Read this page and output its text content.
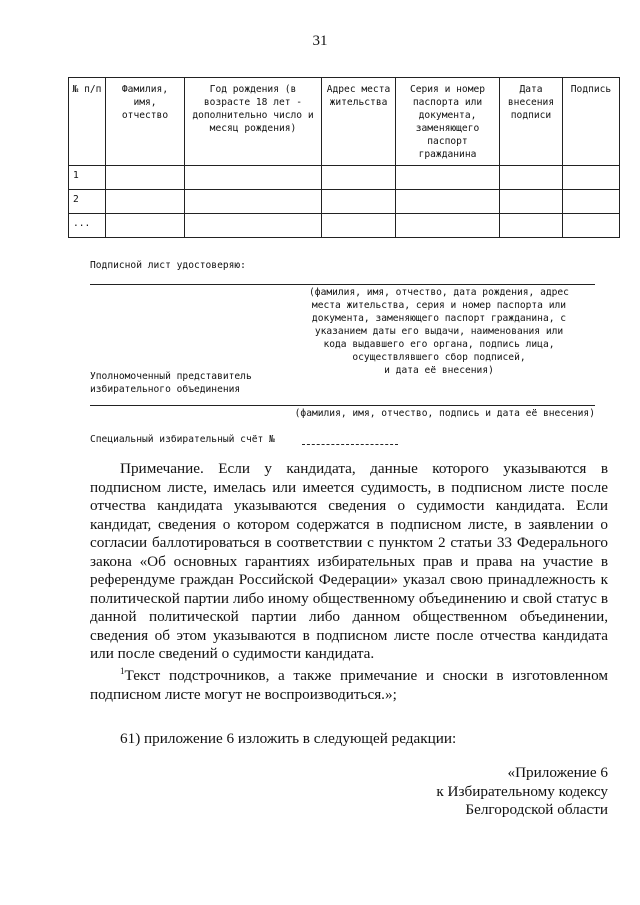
31
№ п/п	Фамилия, имя, отчество	Год рождения (в возрасте 18 лет - дополнительно число и месяц рождения)	Адрес места жительства	Серия и номер паспорта или документа, заменяющего паспорт гражданина	Дата внесения подписи	Подпись
1						
2						
...						
Подписной лист удостоверяю:
(фамилия, имя, отчество, дата рождения, адрес
места жительства, серия и номер паспорта или
документа, заменяющего паспорт гражданина, с
указанием даты его выдачи, наименования или
кода выдавшего его органа, подпись лица,
осуществлявшего сбор подписей,
и дата её внесения)
Уполномоченный представитель
избирательного объединения
(фамилия, имя, отчество, подпись и дата её внесения)
Специальный избирательный счёт №
Примечание. Если у кандидата, данные которого указываются в подписном листе, имелась или имеется судимость, в подписном листе после отчества кандидата указываются сведения о судимости кандидата. Если кандидат, сведения о котором содержатся в подписном листе, в заявлении о согласии баллотироваться в соответствии с пунктом 2 статьи 33 Федерального закона «Об основных гарантиях избирательных прав и права на участие в референдуме граждан Российской Федерации» указал свою принадлежность к политической партии либо иному общественному объединению и свой статус в данной политической партии либо данном общественном объединении, сведения об этом указываются в подписном листе после отчества кандидата или после сведений о судимости кандидата.
$^1$Текст подстрочников, а также примечание и сноски в изготовленном подписном листе могут не воспроизводиться.»;
61) приложение 6 изложить в следующей редакции:
«Приложение 6
к Избирательному кодексу
Белгородской области
